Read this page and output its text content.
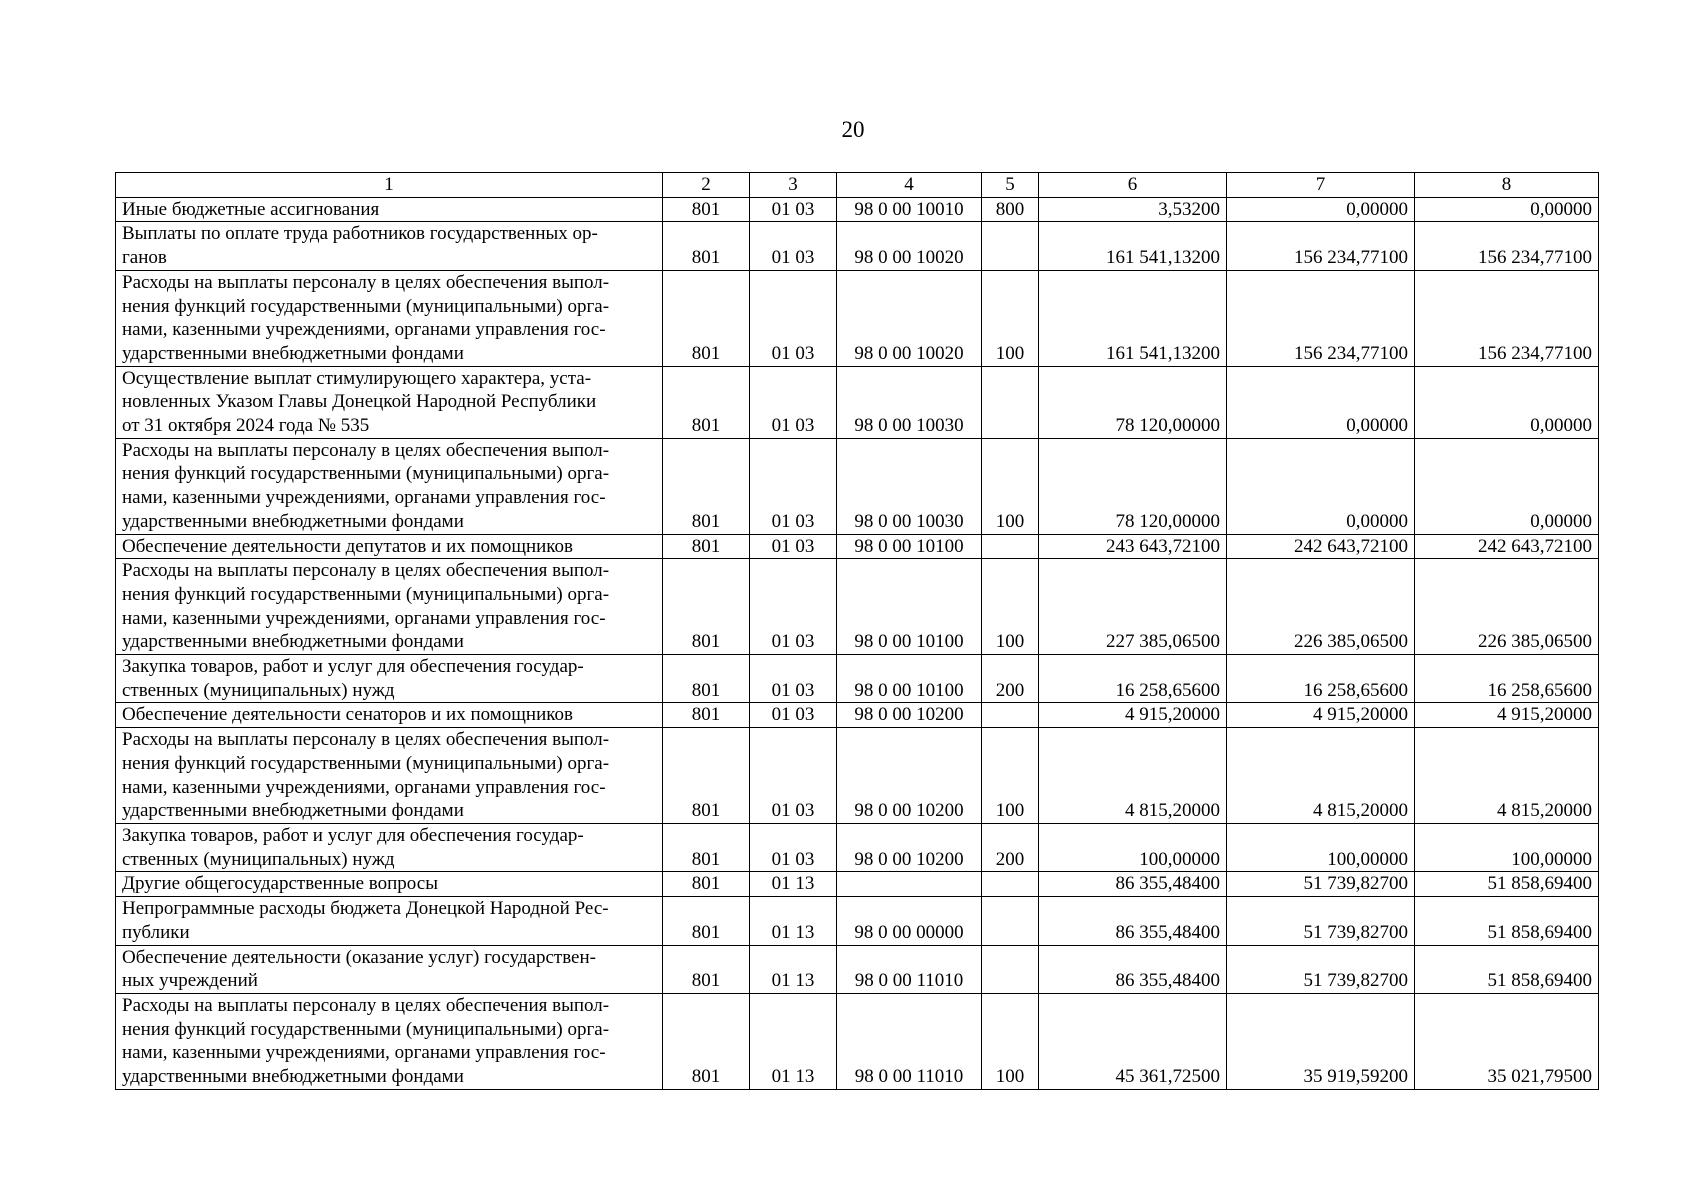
20
1	2	3	4	5	6	7	8

Иные бюджетные ассигнования	801	01 03	98 0 00 10010	800	3,53200	0,00000	0,00000

Выплаты по оплате труда работников государственных ор-
ганов	801	01 03	98 0 00 10020		161 541,13200	156 234,77100	156 234,77100

Расходы на выплаты персоналу в целях обеспечения выпол-
нения функций государственными (муниципальными) орга-
нами, казенными учреждениями, органами управления гос-
ударственными внебюджетными фондами	801	01 03	98 0 00 10020	100	161 541,13200	156 234,77100	156 234,77100

Осуществление выплат стимулирующего характера, уста-
новленных Указом Главы Донецкой Народной Республики
от 31 октября 2024 года № 535	801	01 03	98 0 00 10030		78 120,00000	0,00000	0,00000

Расходы на выплаты персоналу в целях обеспечения выпол-
нения функций государственными (муниципальными) орга-
нами, казенными учреждениями, органами управления гос-
ударственными внебюджетными фондами	801	01 03	98 0 00 10030	100	78 120,00000	0,00000	0,00000

Обеспечение деятельности депутатов и их помощников	801	01 03	98 0 00 10100		243 643,72100	242 643,72100	242 643,72100

Расходы на выплаты персоналу в целях обеспечения выпол-
нения функций государственными (муниципальными) орга-
нами, казенными учреждениями, органами управления гос-
ударственными внебюджетными фондами	801	01 03	98 0 00 10100	100	227 385,06500	226 385,06500	226 385,06500

Закупка товаров, работ и услуг для обеспечения государ-
ственных (муниципальных) нужд	801	01 03	98 0 00 10100	200	16 258,65600	16 258,65600	16 258,65600

Обеспечение деятельности сенаторов и их помощников	801	01 03	98 0 00 10200		4 915,20000	4 915,20000	4 915,20000

Расходы на выплаты персоналу в целях обеспечения выпол-
нения функций государственными (муниципальными) орга-
нами, казенными учреждениями, органами управления гос-
ударственными внебюджетными фондами	801	01 03	98 0 00 10200	100	4 815,20000	4 815,20000	4 815,20000

Закупка товаров, работ и услуг для обеспечения государ-
ственных (муниципальных) нужд	801	01 03	98 0 00 10200	200	100,00000	100,00000	100,00000

Другие общегосударственные вопросы	801	01 13			86 355,48400	51 739,82700	51 858,69400

Непрограммные расходы бюджета Донецкой Народной Рес-
публики	801	01 13	98 0 00 00000		86 355,48400	51 739,82700	51 858,69400

Обеспечение деятельности (оказание услуг) государствен-
ных учреждений	801	01 13	98 0 00 11010		86 355,48400	51 739,82700	51 858,69400

Расходы на выплаты персоналу в целях обеспечения выпол-
нения функций государственными (муниципальными) орга-
нами, казенными учреждениями, органами управления гос-
ударственными внебюджетными фондами	801	01 13	98 0 00 11010	100	45 361,72500	35 919,59200	35 021,79500
